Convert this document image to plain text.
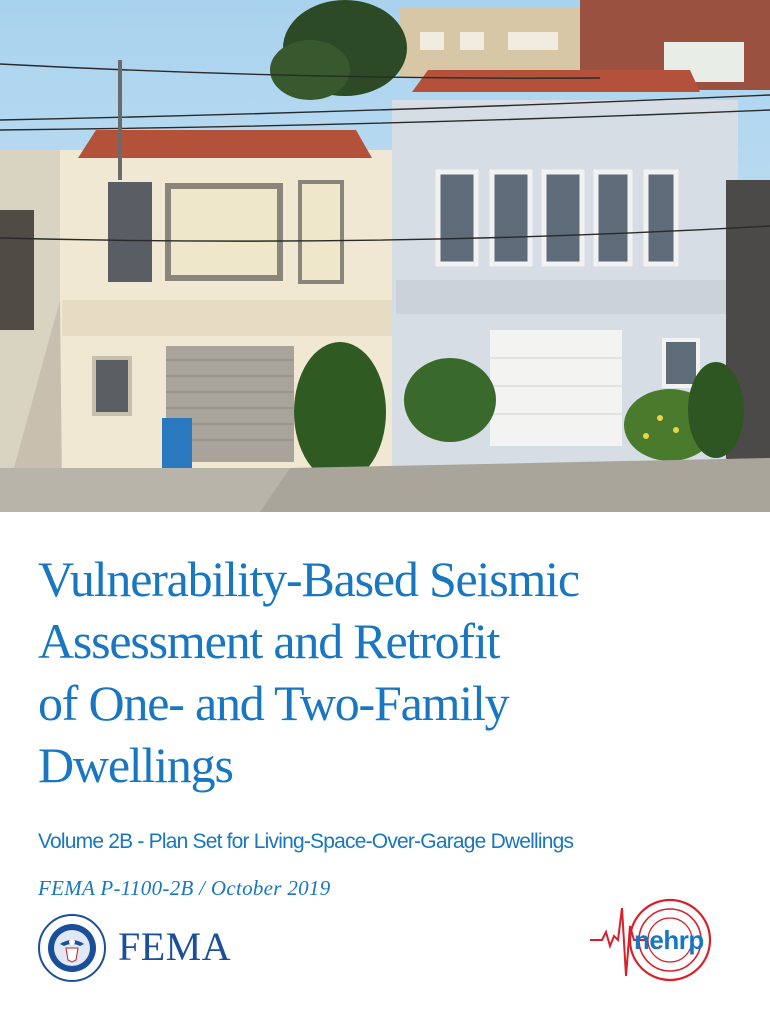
Vulnerability-Based Seismic
Assessment and Retrofit
of One- and Two-Family
Dwellings
Volume 2B - Plan Set for Living-Space-Over-Garage Dwellings
FEMA P-1100-2B / October 2019
FEMA	nehrp
